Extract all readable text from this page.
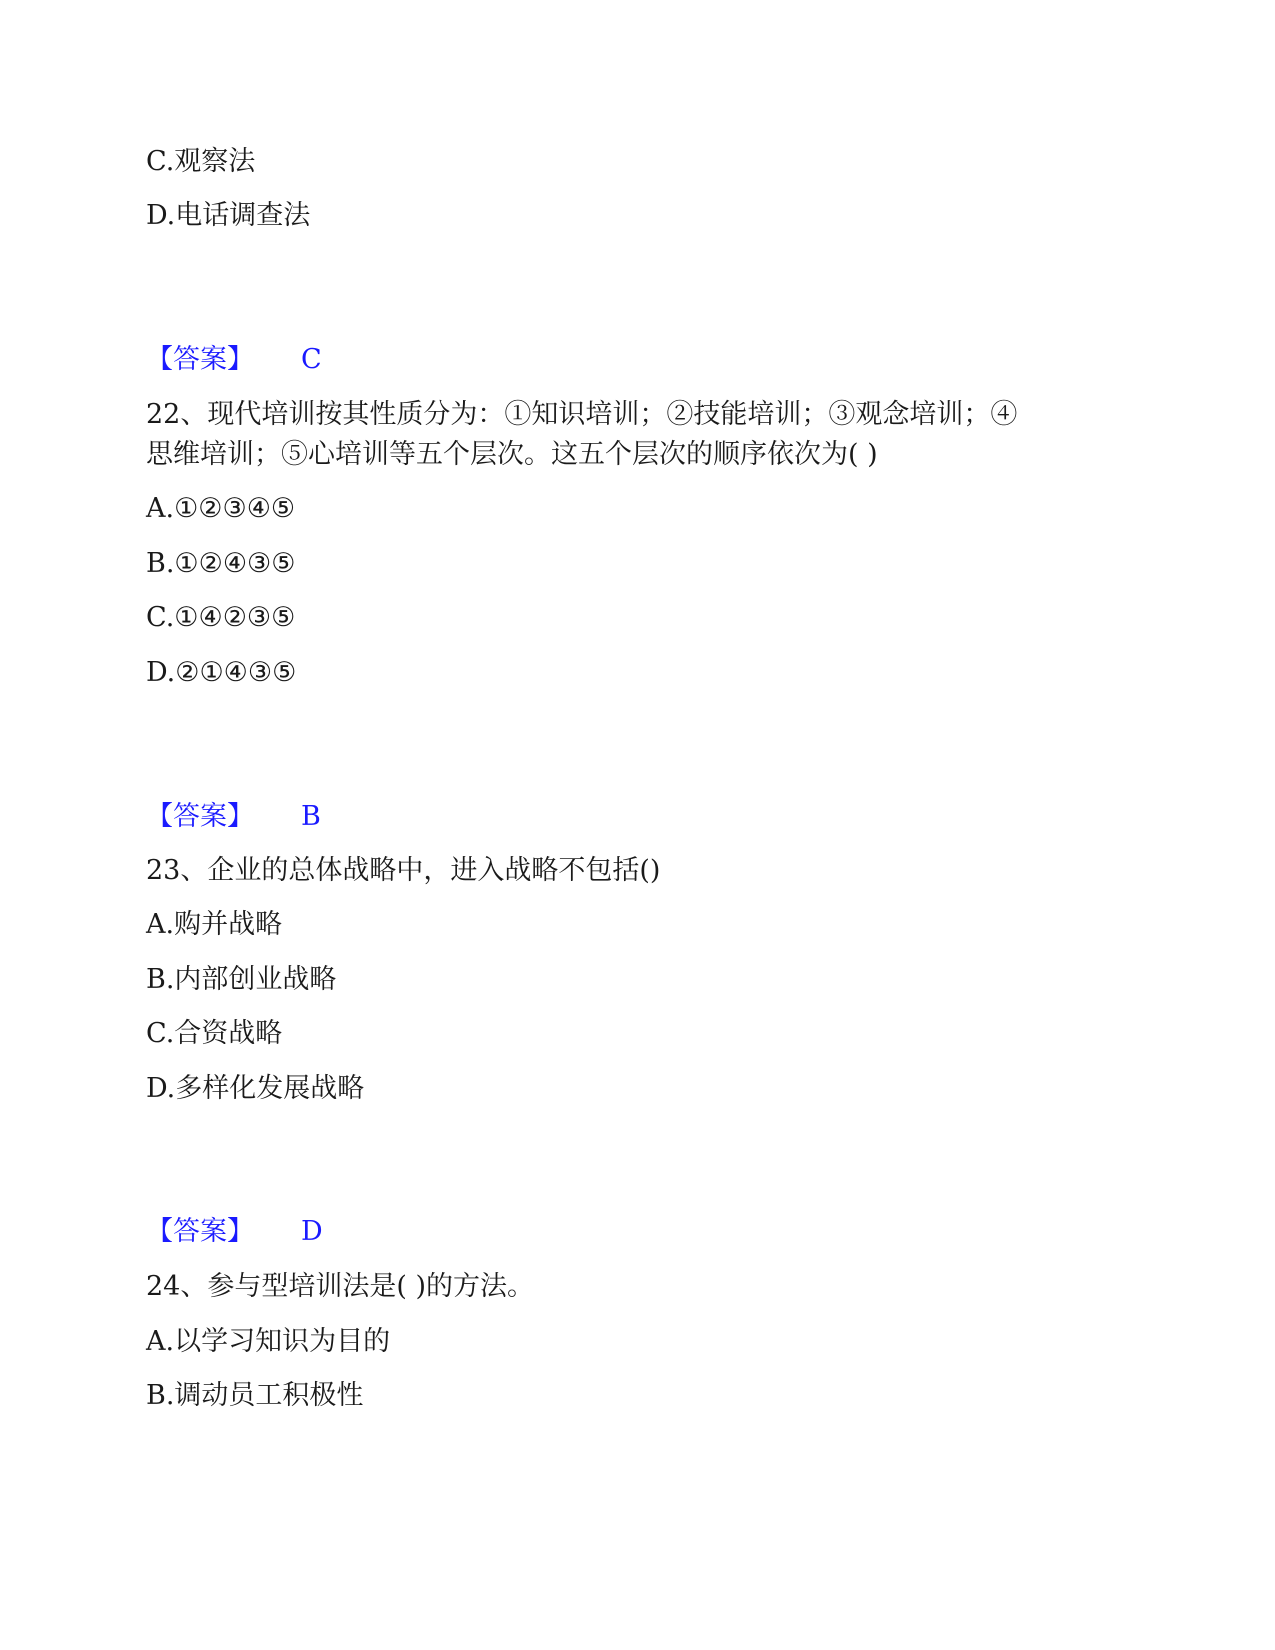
C.观察法
D.电话调查法
【答案】 C
22、现代培训按其性质分为：①知识培训；②技能培训；③观念培训；④
思维培训；⑤心培训等五个层次。这五个层次的顺序依次为( )
A.①②③④⑤
B.①②④③⑤
C.①④②③⑤
D.②①④③⑤
【答案】 B
23、企业的总体战略中，进入战略不包括()
A.购并战略
B.内部创业战略
C.合资战略
D.多样化发展战略
【答案】 D
24、参与型培训法是( )的方法。
A.以学习知识为目的
B.调动员工积极性
